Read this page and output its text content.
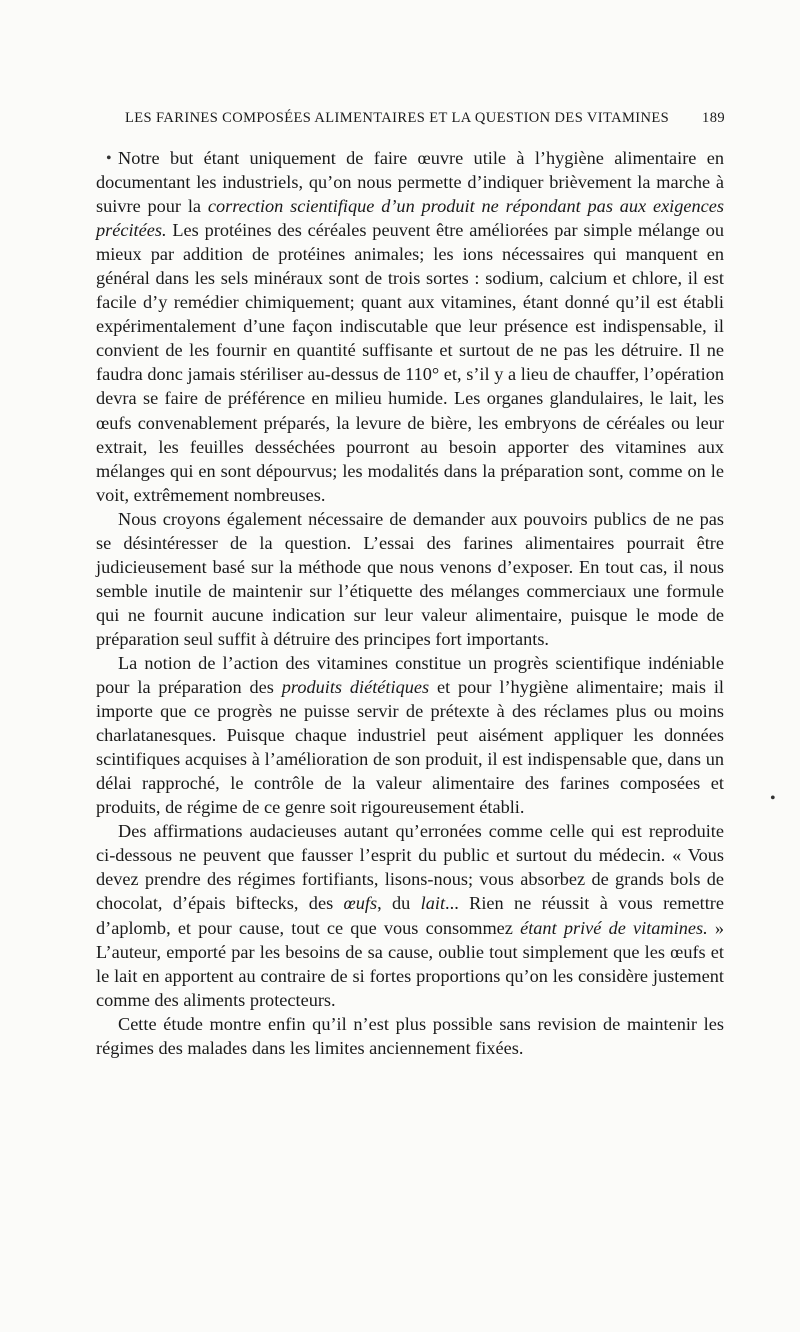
LES FARINES COMPOSÉES ALIMENTAIRES ET LA QUESTION DES VITAMINES 189

Notre but étant uniquement de faire œuvre utile à l’hygiène alimentaire en documentant les industriels, qu’on nous permette d’indiquer brièvement la marche à suivre pour la correction scientifique d’un produit ne répondant pas aux exigences précitées. Les protéines des céréales peuvent être améliorées par simple mélange ou mieux par addition de protéines animales; les ions nécessaires qui manquent en général dans les sels minéraux sont de trois sortes : sodium, calcium et chlore, il est facile d’y remédier chimiquement; quant aux vitamines, étant donné qu’il est établi expérimentalement d’une façon indiscutable que leur présence est indispensable, il convient de les fournir en quantité suffisante et surtout de ne pas les détruire. Il ne faudra donc jamais stériliser au-dessus de 110° et, s’il y a lieu de chauffer, l’opération devra se faire de préférence en milieu humide. Les organes glandulaires, le lait, les œufs convenablement préparés, la levure de bière, les embryons de céréales ou leur extrait, les feuilles desséchées pourront au besoin apporter des vitamines aux mélanges qui en sont dépourvus; les modalités dans la préparation sont, comme on le voit, extrêmement nombreuses.

Nous croyons également nécessaire de demander aux pouvoirs publics de ne pas se désintéresser de la question. L’essai des farines alimentaires pourrait être judicieusement basé sur la méthode que nous venons d’exposer. En tout cas, il nous semble inutile de maintenir sur l’étiquette des mélanges commerciaux une formule qui ne fournit aucune indication sur leur valeur alimentaire, puisque le mode de préparation seul suffit à détruire des principes fort importants.

La notion de l’action des vitamines constitue un progrès scientifique indéniable pour la préparation des produits diététiques et pour l’hygiène alimentaire; mais il importe que ce progrès ne puisse servir de prétexte à des réclames plus ou moins charlatanesques. Puisque chaque industriel peut aisément appliquer les données scintifiques acquises à l’amélioration de son produit, il est indispensable que, dans un délai rapproché, le contrôle de la valeur alimentaire des farines composées et produits, de régime de ce genre soit rigoureusement établi.

Des affirmations audacieuses autant qu’erronées comme celle qui est reproduite ci-dessous ne peuvent que fausser l’esprit du public et surtout du médecin. « Vous devez prendre des régimes fortifiants, lisons-nous; vous absorbez de grands bols de chocolat, d’épais biftecks, des œufs, du lait... Rien ne réussit à vous remettre d’aplomb, et pour cause, tout ce que vous consommez étant privé de vitamines. » L’auteur, emporté par les besoins de sa cause, oublie tout simplement que les œufs et le lait en apportent au contraire de si fortes proportions qu’on les considère justement comme des aliments protecteurs.

Cette étude montre enfin qu’il n’est plus possible sans revision de maintenir les régimes des malades dans les limites anciennement fixées.

•
•
